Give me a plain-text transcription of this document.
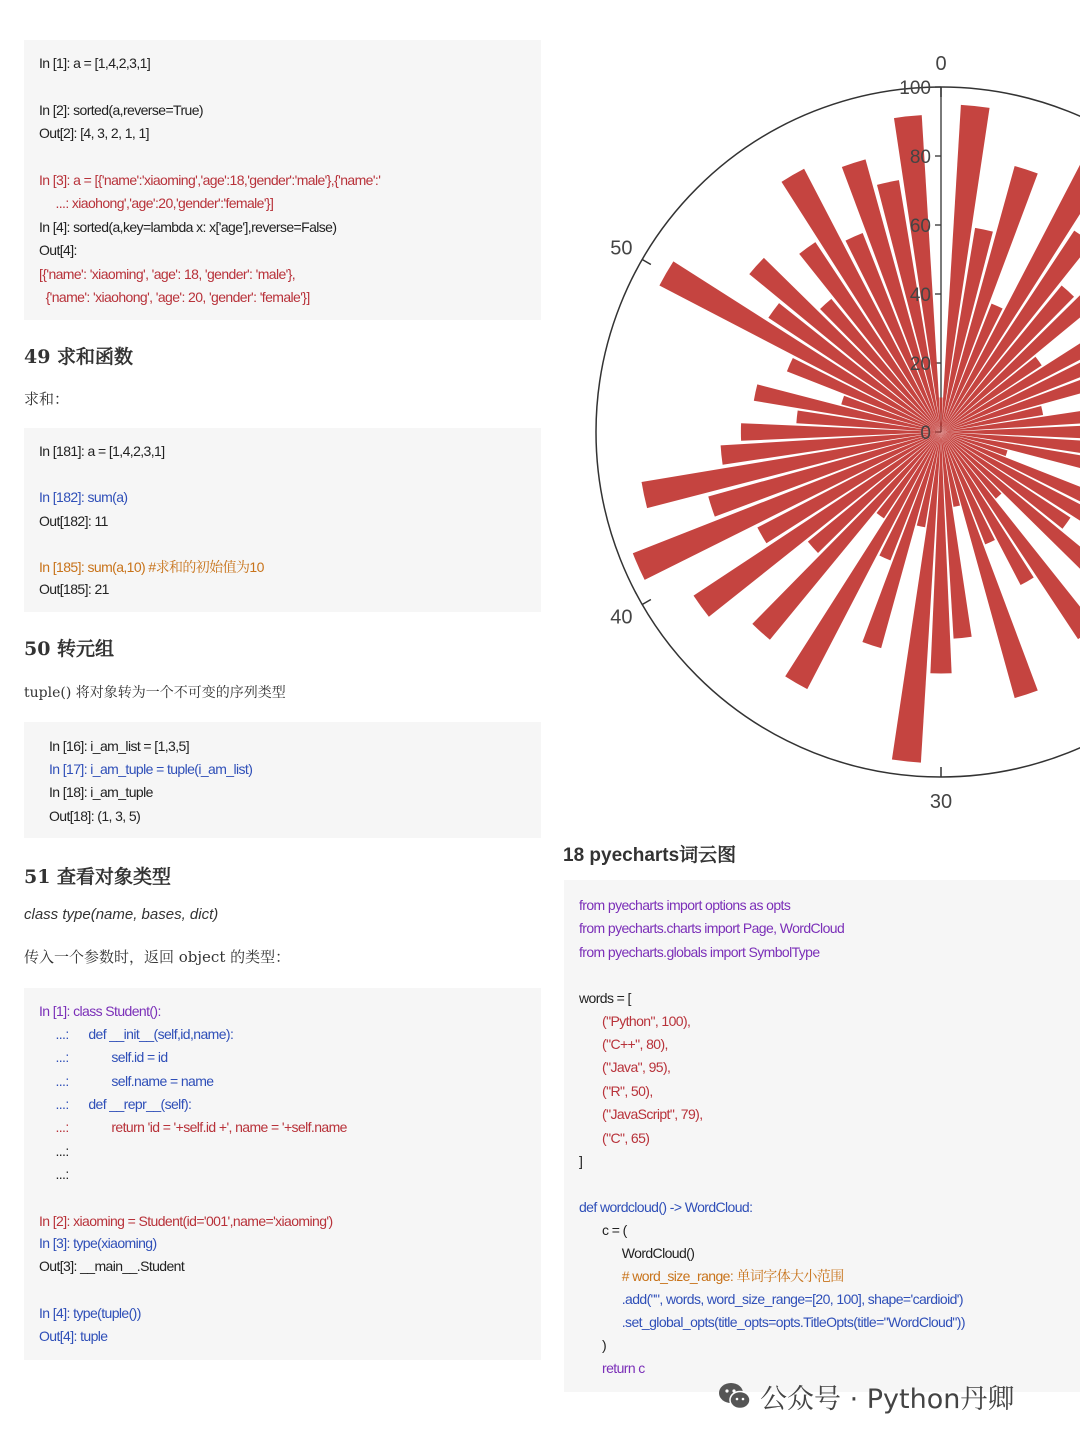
In [1]: a = [1,4,2,3,1]
In [2]: sorted(a,reverse=True)
Out[2]: [4, 3, 2, 1, 1]
In [3]: a = [{'name':'xiaoming','age':18,'gender':'male'},{'name':'
...: xiaohong','age':20,'gender':'female'}]
In [4]: sorted(a,key=lambda x: x['age'],reverse=False)
Out[4]:
[{'name': 'xiaoming', 'age': 18, 'gender': 'male'},
{'name': 'xiaohong', 'age': 20, 'gender': 'female'}]
49 求和函数
求和：
In [181]: a = [1,4,2,3,1]
In [182]: sum(a)
Out[182]: 11
In [185]: sum(a,10) #求和的初始值为10
Out[185]: 21
50 转元组
tuple() 将对象转为一个不可变的序列类型
In [16]: i_am_list = [1,3,5]
In [17]: i_am_tuple = tuple(i_am_list)
In [18]: i_am_tuple
Out[18]: (1, 3, 5)
51 查看对象类型
class type(name, bases, dict)
传入一个参数时，返回 object 的类型：
In [1]: class Student():
...:      def __init__(self,id,name):
...:             self.id = id
...:             self.name = name
...:      def __repr__(self):
...:             return 'id = '+self.id +', name = '+self.name
...:
...:
In [2]: xiaoming = Student(id='001',name='xiaoming')
In [3]: type(xiaoming)
Out[3]: __main__.Student
In [4]: type(tuple())
Out[4]: tuple
18 pyecharts词云图
from pyecharts import options as opts
from pyecharts.charts import Page, WordCloud
from pyecharts.globals import SymbolType
words = [
("Python", 100),
("C++", 80),
("Java", 95),
("R", 50),
("JavaScript", 79),
("C", 65)
]
def wordcloud() -> WordCloud:
c = (
WordCloud()
# word_size_range: 单词字体大小范围
.add("", words, word_size_range=[20, 100], shape='cardioid')
.set_global_opts(title_opts=opts.TitleOpts(title="WordCloud"))
)
return c
0
30
40
50
0
20
40
60
80
100
公众号 · Python丹卿
